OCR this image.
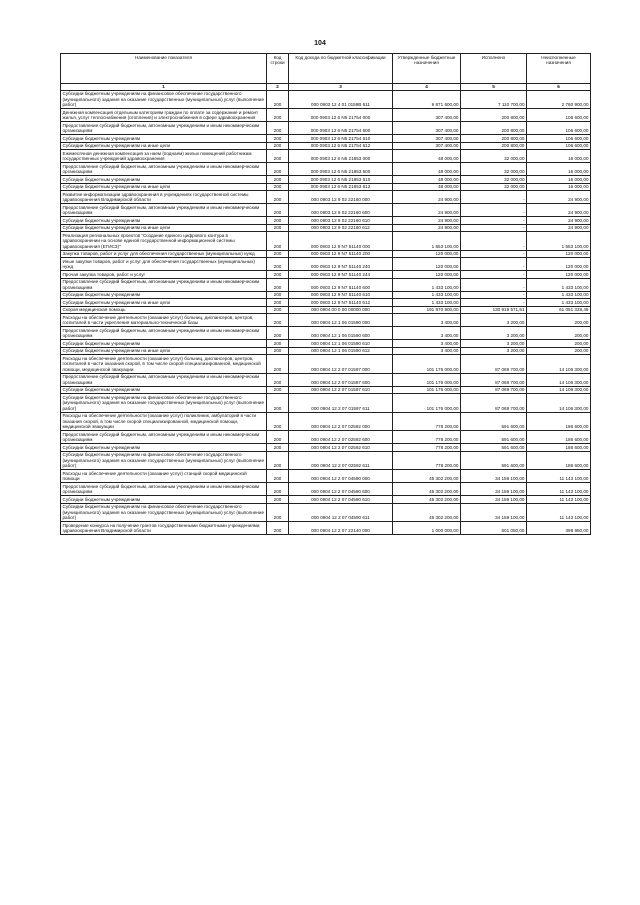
104
Наименование показателя	Код строки	Код дохода по бюджетной классификации	Утвержденные бюджетные назначения	Исполнено	Неисполненные назначения
1	2	3	4	5	6
Субсидии бюджетным учреждениям на финансовое обеспечение государственного (муниципального) задания на оказание государственных (муниципальных) услуг (выполнение работ)	200	000 0903 12 4 01 0159В 611	9 871 600,00	7 110 700,00	2 760 900,00
Денежная компенсация отдельным категориям граждан по оплате за содержание и ремонт жилья, услуг теплоснабжения (отопления) и электроснабжения в сфере здравоохранения	200	000 0903 12 6 N5 21754 000	307 400,00	200 800,00	106 600,00
Предоставление субсидий бюджетным, автономным учреждениям и иным некоммерческим организациям	200	000 0903 12 6 N5 21754 600	307 400,00	200 800,00	106 600,00
Субсидии бюджетным учреждениям	200	000 0903 12 6 N5 21754 610	307 400,00	200 800,00	106 600,00
Субсидии бюджетным учреждениям на иные цели	200	000 0903 12 6 N5 21754 612	307 400,00	200 800,00	106 600,00
Ежемесячная денежная компенсация за наем (поднаем) жилых помещений работникам государственных учреждений здравоохранения	200	000 0903 12 6 N5 21853 000	48 000,00	32 000,00	16 000,00
Предоставление субсидий бюджетным, автономным учреждениям и иным некоммерческим организациям	200	000 0903 12 6 N5 21853 600	48 000,00	32 000,00	16 000,00
Субсидии бюджетным учреждениям	200	000 0903 12 6 N5 21853 610	48 000,00	32 000,00	16 000,00
Субсидии бюджетным учреждениям на иные цели	200	000 0903 12 6 N5 21853 612	48 000,00	32 000,00	16 000,00
Развитие информатизации здравоохранения в учреждениях государственной системы здравоохранения Владимирской области	200	000 0903 12 9 02 22160 000	24 900,00	-	24 900,00
Предоставление субсидий бюджетным, автономным учреждениям и иным некоммерческим организациям	200	000 0903 12 9 02 22160 600	24 900,00	-	24 900,00
Субсидии бюджетным учреждениям	200	000 0903 12 9 02 22160 610	24 900,00	-	24 900,00
Субсидии бюджетным учреждениям на иные цели	200	000 0903 12 9 02 22160 612	24 900,00	-	24 900,00
Реализация региональных проектов "Создание единого цифрового контура в здравоохранении на основе единой государственной информационной системы здравоохранения (ЕГИСЗ)"	200	000 0903 12 9 N7 51140 000	1 553 100,00	-	1 553 100,00
Закупка товаров, работ и услуг для обеспечения государственных (муниципальных) нужд	200	000 0903 12 9 N7 51140 200	120 000,00	-	120 000,00
Иные закупки товаров, работ и услуг для обеспечения государственных (муниципальных) нужд	200	000 0903 12 9 N7 51140 240	120 000,00	-	120 000,00
Прочая закупка товаров, работ и услуг	200	000 0903 12 9 N7 51140 244	120 000,00	-	120 000,00
Предоставление субсидий бюджетным, автономным учреждениям и иным некоммерческим организациям	200	000 0903 12 9 N7 51140 600	1 433 100,00	-	1 433 100,00
Субсидии бюджетным учреждениям	200	000 0903 12 9 N7 51140 610	1 433 100,00	-	1 433 100,00
Субсидии бюджетным учреждениям на иные цели	200	000 0903 12 9 N7 51140 612	1 433 100,00	-	1 433 100,00
Скорая медицинская помощь	200	000 0904 00 0 00 00000 000	191 970 900,00	130 919 571,51	61 051 328,49
Расходы на обеспечение деятельности (оказание услуг) больниц, диспансеров, центров, госпиталей в части укрепления материально-технической базы	200	000 0904 12 1 06 01590 000	3 400,00	3 200,00	200,00
Предоставление субсидий бюджетным, автономным учреждениям и иным некоммерческим организациям	200	000 0904 12 1 06 01590 600	3 400,00	3 200,00	200,00
Субсидии бюджетным учреждениям	200	000 0904 12 1 06 01590 610	3 400,00	3 200,00	200,00
Субсидии бюджетным учреждениям на иные цели	200	000 0904 12 1 06 01590 612	3 400,00	3 200,00	200,00
Расходы на обеспечение деятельности (оказание услуг) больниц, диспансеров, центров, госпиталей в части оказания скорой, в том числе скорой специализированной, медицинской помощи, медицинской эвакуации	200	000 0904 12 2 07 01597 000	101 176 000,00	87 069 700,00	14 106 300,00
Предоставление субсидий бюджетным, автономным учреждениям и иным некоммерческим организациям	200	000 0904 12 2 07 01597 600	101 176 000,00	87 069 700,00	14 106 300,00
Субсидии бюджетным учреждениям	200	000 0904 12 2 07 01597 610	101 176 000,00	87 069 700,00	14 106 300,00
Субсидии бюджетным учреждениям на финансовое обеспечение государственного (муниципального) задания на оказание государственных (муниципальных) услуг (выполнение работ)	200	000 0904 12 2 07 01597 611	101 176 000,00	87 069 700,00	14 106 300,00
Расходы на обеспечение деятельности (оказание услуг) поликлиник, амбулаторий в части оказания скорой, в том числе скорой специализированной, медицинской помощи, медицинской эвакуации	200	000 0904 12 2 07 02592 000	778 200,00	591 600,00	186 600,00
Предоставление субсидий бюджетным, автономным учреждениям и иным некоммерческим организациям	200	000 0904 12 2 07 02592 600	778 200,00	591 600,00	186 600,00
Субсидии бюджетным учреждениям	200	000 0904 12 2 07 02592 610	778 200,00	591 600,00	186 600,00
Субсидии бюджетным учреждениям на финансовое обеспечение государственного (муниципального) задания на оказание государственных (муниципальных) услуг (выполнение работ)	200	000 0904 12 2 07 02592 611	778 200,00	591 600,00	186 600,00
Расходы на обеспечение деятельности (оказание услуг) станций скорой медицинской помощи	200	000 0904 12 2 07 04590 000	45 302 200,00	34 159 100,00	11 143 100,00
Предоставление субсидий бюджетным, автономным учреждениям и иным некоммерческим организациям	200	000 0904 12 2 07 04590 600	45 302 200,00	34 159 100,00	11 143 100,00
Субсидии бюджетным учреждениям	200	000 0904 12 2 07 04590 610	45 302 200,00	34 159 100,00	11 143 100,00
Субсидии бюджетным учреждениям на финансовое обеспечение государственного (муниципального) задания на оказание государственных (муниципальных) услуг (выполнение работ)	200	000 0904 12 2 07 04590 611	45 302 200,00	34 159 100,00	11 143 100,00
Проведение конкурса на получение грантов государственными бюджетными учреждениями здравоохранения Владимирской области	200	000 0904 12 2 07 22140 000	1 000 000,00	601 050,00	398 950,00
